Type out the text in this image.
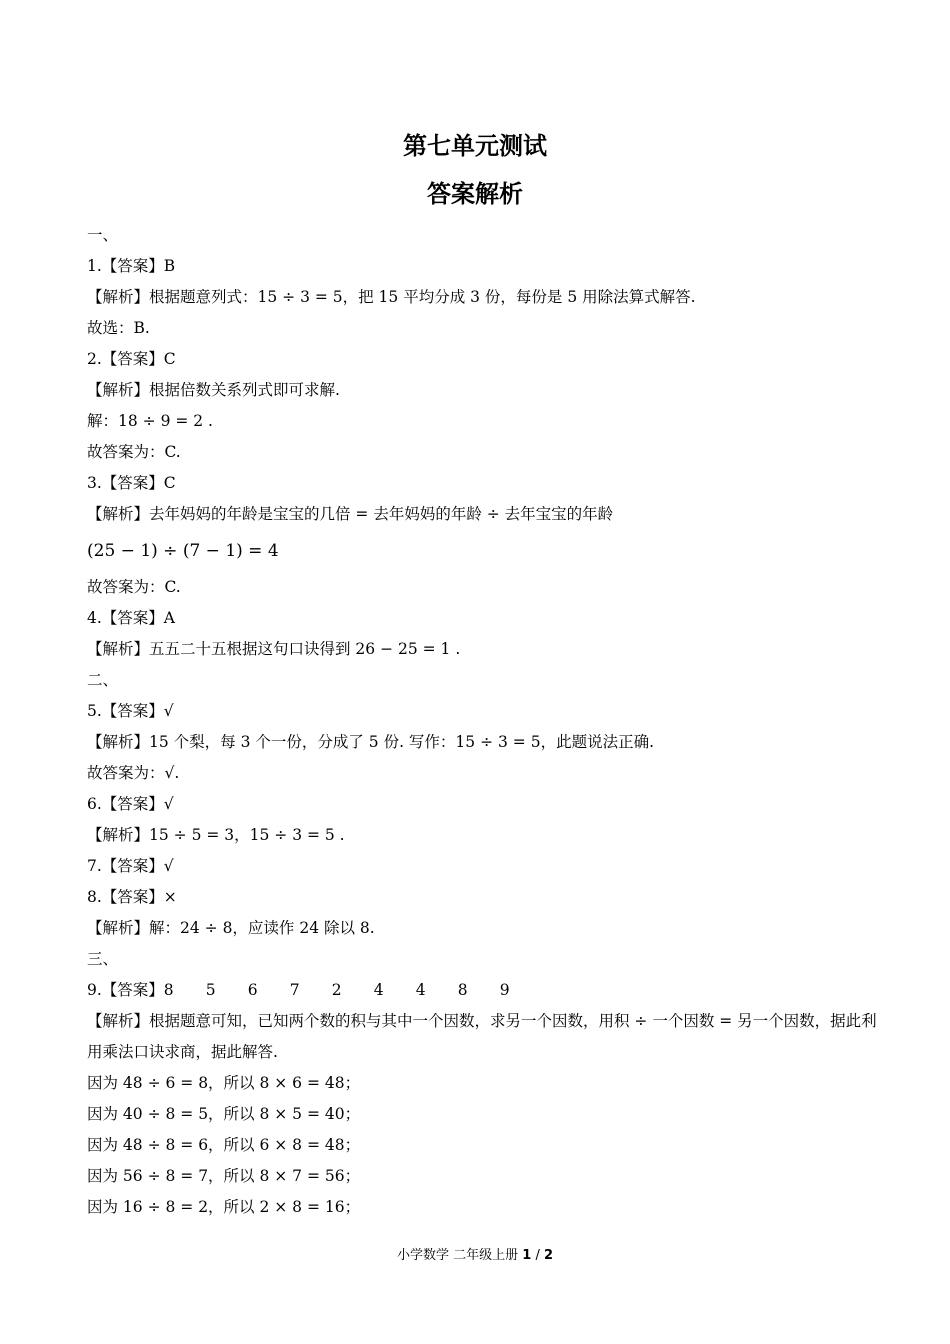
第七单元测试
答案解析
一、
1.【答案】B
【解析】根据题意列式：15 ÷ 3 = 5，把 15 平均分成 3 份，每份是 5 用除法算式解答.
故选：B.
2.【答案】C
【解析】根据倍数关系列式即可求解.
解：18 ÷ 9 = 2 .
故答案为：C.
3.【答案】C
【解析】去年妈妈的年龄是宝宝的几倍 = 去年妈妈的年龄 ÷ 去年宝宝的年龄
(25 − 1) ÷ (7 − 1) = 4
故答案为：C.
4.【答案】A
【解析】五五二十五根据这句口诀得到 26 − 25 = 1 .
二、
5.【答案】√
【解析】15 个梨，每 3 个一份，分成了 5 份. 写作：15 ÷ 3 = 5，此题说法正确.
故答案为：√.
6.【答案】√
【解析】15 ÷ 5 = 3，15 ÷ 3 = 5 .
7.【答案】√
8.【答案】×
【解析】解：24 ÷ 8，应读作 24 除以 8.
三、
9.【答案】8 5 6 7 2 4 4 8 9
【解析】根据题意可知，已知两个数的积与其中一个因数，求另一个因数，用积 ÷ 一个因数 = 另一个因数，据此利用乘法口诀求商，据此解答.
因为 48 ÷ 6 = 8，所以 8 × 6 = 48；
因为 40 ÷ 8 = 5，所以 8 × 5 = 40；
因为 48 ÷ 8 = 6，所以 6 × 8 = 48；
因为 56 ÷ 8 = 7，所以 8 × 7 = 56；
因为 16 ÷ 8 = 2，所以 2 × 8 = 16；
小学数学 二年级上册 1 / 2
